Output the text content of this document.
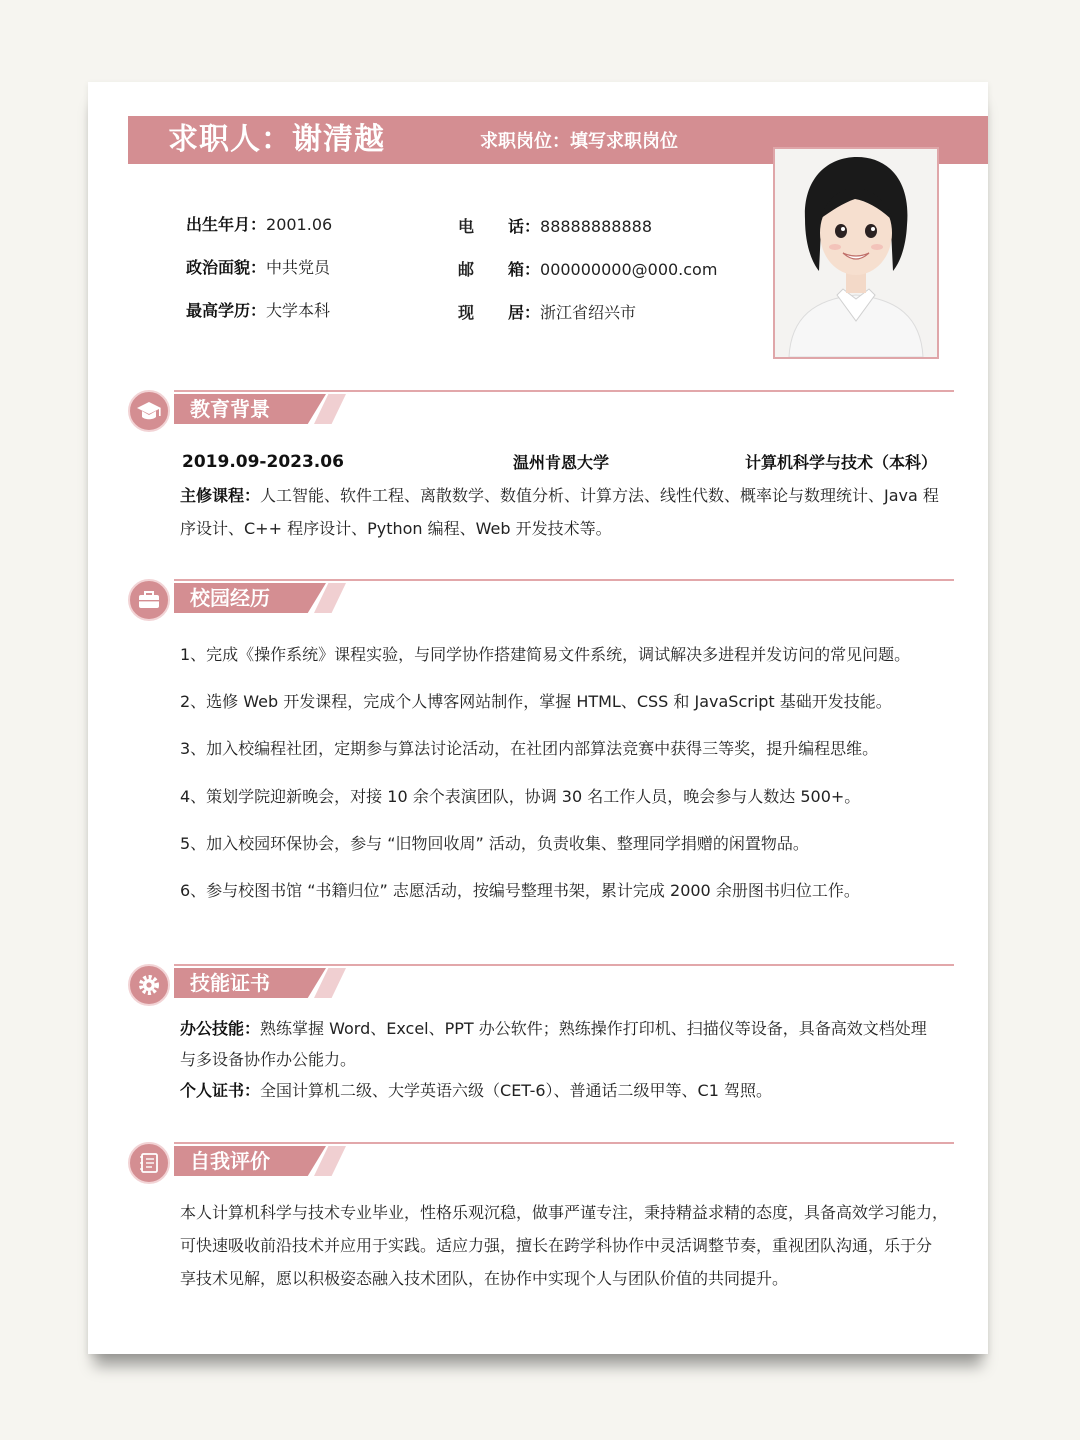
求职人：谢清越	求职岗位：填写求职岗位
出生年月：2001.06
政治面貌：中共党员
最高学历：大学本科
电 话：88888888888
邮 箱：000000000@000.com
现 居：浙江省绍兴市
教育背景
2019.09-2023.06	温州肯恩大学	计算机科学与技术（本科）
主修课程：人工智能、软件工程、离散数学、数值分析、计算方法、线性代数、概率论与数理统计、Java 程
序设计、C++ 程序设计、Python 编程、Web 开发技术等。
校园经历
1、完成《操作系统》课程实验，与同学协作搭建简易文件系统，调试解决多进程并发访问的常见问题。
2、选修 Web 开发课程，完成个人博客网站制作，掌握 HTML、CSS 和 JavaScript 基础开发技能。
3、加入校编程社团，定期参与算法讨论活动，在社团内部算法竞赛中获得三等奖，提升编程思维。
4、策划学院迎新晚会，对接 10 余个表演团队，协调 30 名工作人员，晚会参与人数达 500+。
5、加入校园环保协会，参与 “旧物回收周” 活动，负责收集、整理同学捐赠的闲置物品。
6、参与校图书馆 “书籍归位” 志愿活动，按编号整理书架，累计完成 2000 余册图书归位工作。
技能证书
办公技能：熟练掌握 Word、Excel、PPT 办公软件；熟练操作打印机、扫描仪等设备，具备高效文档处理
与多设备协作办公能力。
个人证书：全国计算机二级、大学英语六级（CET-6）、普通话二级甲等、C1 驾照。
自我评价
本人计算机科学与技术专业毕业，性格乐观沉稳，做事严谨专注，秉持精益求精的态度，具备高效学习能力，
可快速吸收前沿技术并应用于实践。适应力强，擅长在跨学科协作中灵活调整节奏，重视团队沟通，乐于分
享技术见解，愿以积极姿态融入技术团队，在协作中实现个人与团队价值的共同提升。
